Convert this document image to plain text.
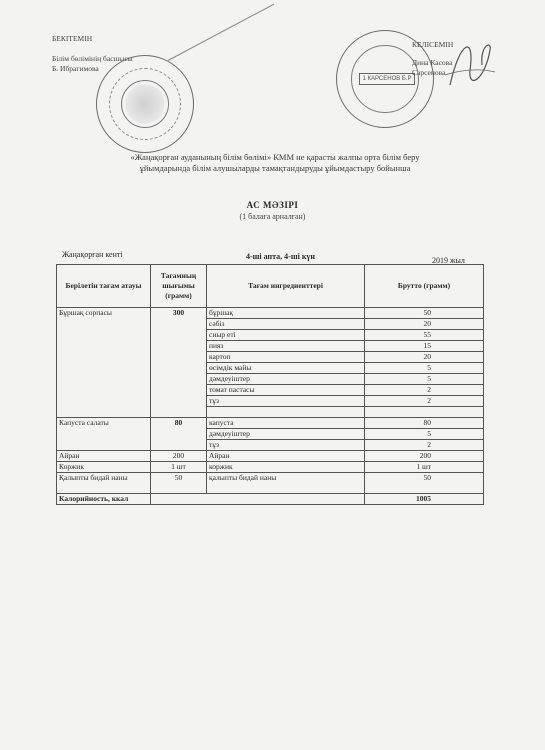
БЕКІТЕМІН
Білім бөлімінің басшысы
Б. Ибрагимова
1 КАРСЕНОВ Б.Р
КЕЛІСЕМІН
Дина Касова
Сарсенова
«Жаңақорған ауданының білім бөлімі» КММ не қарасты жалпы орта білім беру
ұйымдарында білім алушыларды тамақтандыруды ұйымдастыру бойынша
АС МӘЗІРІ
(1 балаға арналған)
Жаңақорған кенті	4-ші апта, 4-ші күн	2019 жыл
Берілетін тағам атауы	Тағамның шығымы (грамм)	Тағам ингредиенттері	Брутто (грамм)
Бұршақ сорпасы	300	бұршақ	50
		сәбіз	20
		сиыр еті	55
		пияз	15
		картоп	20
		өсімдік майы	5
		дәмдеуіштер	5
		томат пастасы	2
		тұз	2

Капуста салаты	80	капуста	80
		дәмдеуіштер	5
		тұз	2
Айран	200	Айран	200
Коржик	1 шт	коржик	1 шт
Қалыпты бидай наны	50	қалыпты бидай наны	50
Калорийность, ккал			1005
